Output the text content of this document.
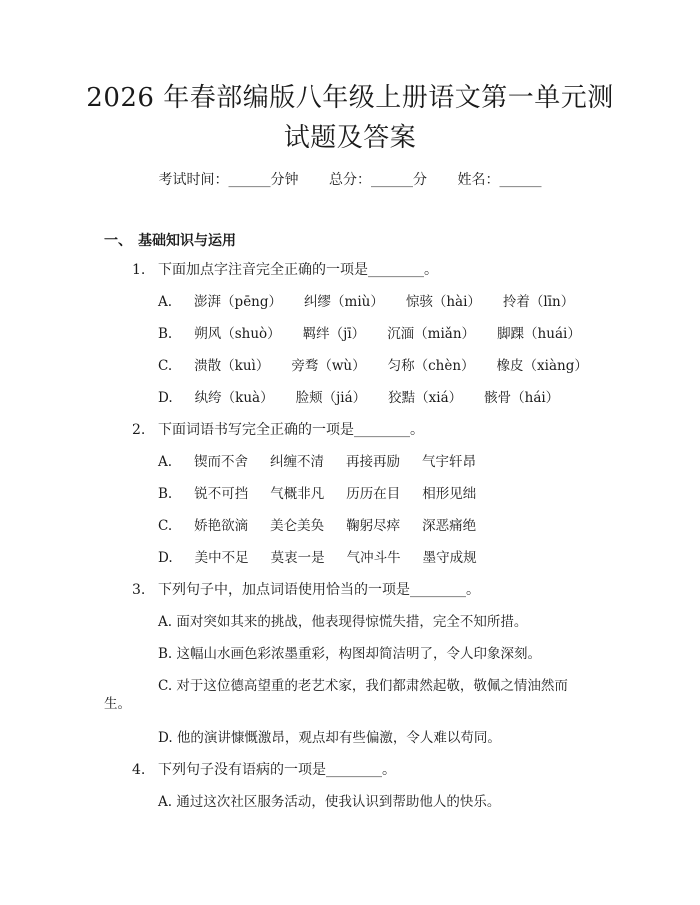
2026 年春部编版八年级上册语文第一单元测
试题及答案
考试时间：______分钟 总分：______分 姓名：______
一、 基础知识与运用
1. 下面加点字注音完全正确的一项是________。
A. 澎湃（pēng） 纠缪（miù） 惊骇（hài） 拎着（līn）
B. 朔风（shuò） 羁绊（jī） 沉湎（miǎn） 脚踝（huái）
C. 溃散（kuì） 旁骛（wù） 匀称（chèn） 橡皮（xiàng）
D. 纨绔（kuà） 脸颊（jiá） 狡黠（xiá） 骸骨（hái）
2. 下面词语书写完全正确的一项是________。
A. 锲而不舍 纠缠不清 再接再励 气宇轩昂
B. 锐不可挡 气概非凡 历历在目 相形见绌
C. 娇艳欲滴 美仑美奂 鞠躬尽瘁 深恶痛绝
D. 美中不足 莫衷一是 气冲斗牛 墨守成规
3. 下列句子中，加点词语使用恰当的一项是________。
A. 面对突如其来的挑战，他表现得惊慌失措，完全不知所措。
B. 这幅山水画色彩浓墨重彩，构图却简洁明了，令人印象深刻。
C. 对于这位德高望重的老艺术家，我们都肃然起敬，敬佩之情油然而
生。
D. 他的演讲慷慨激昂，观点却有些偏激，令人难以苟同。
4. 下列句子没有语病的一项是________。
A. 通过这次社区服务活动，使我认识到帮助他人的快乐。
